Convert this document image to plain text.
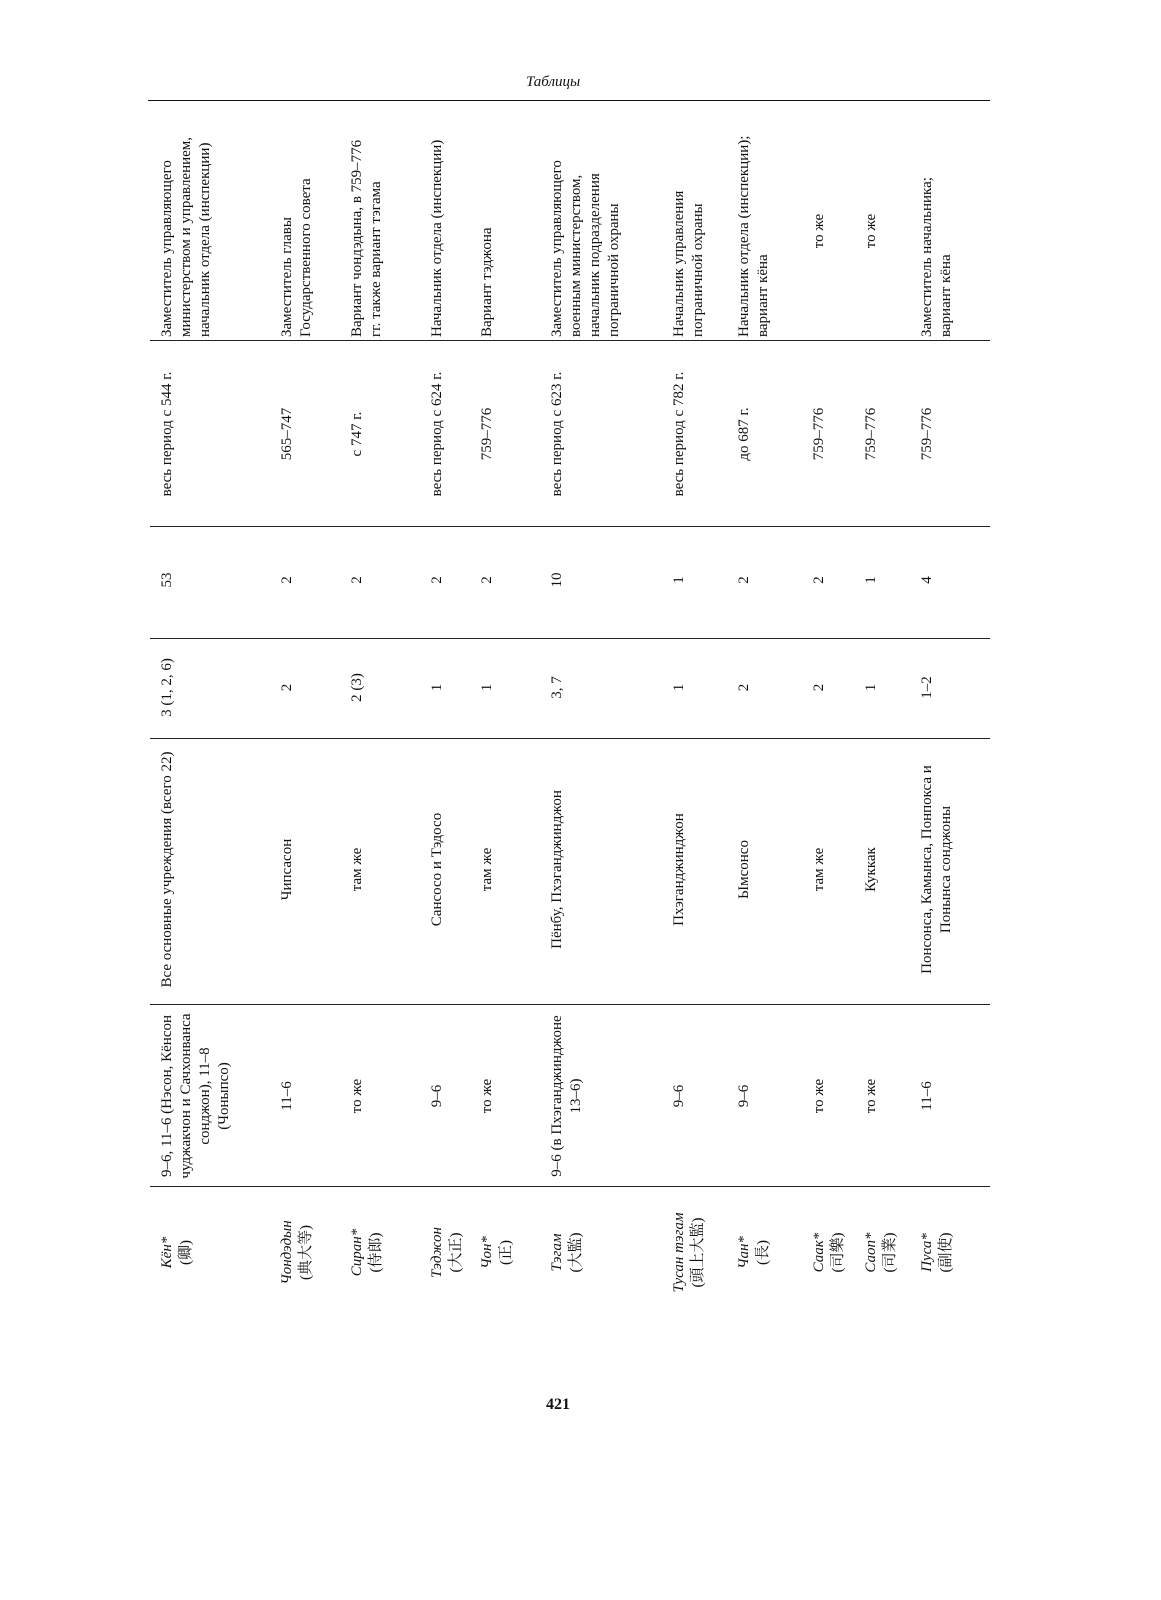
Таблицы
Кён* (卿)
9–6, 11–6 (Нэсон, Кёнсон чуджакчон и Сачхонванса сонджон), 11–8 (Чоныпсо)
Все основные учреждения (всего 22)
3 (1, 2, 6)
53
весь период с 544 г.
Заместитель управляющего министерством и управлением, начальник отдела (инспекции)
Чондэдын (典大等)
11–6
Чипсасон
2
2
565–747
Заместитель главы Государственного совета
Сиран* (侍郎)
то же
там же
2 (3)
2
с 747 г.
Вариант чондэдына, в 759–776 гг. также вариант тэгама
Тэджон (大正)
9–6
Сансосо и Тэдосо
1
2
весь период с 624 г.
Начальник отдела (инспекции)
Чон* (正)
то же
там же
1
2
759–776
Вариант тэджона
Тэгам (大監)
9–6 (в Пхэганджинджоне 13–6)
Пёнбу, Пхэганджинджон
3, 7
10
весь период с 623 г.
Заместитель управляющего военным министерством, начальник подразделения пограничной охраны
Тусан тэгам (頭上大監)
9–6
Пхэганджинджон
1
1
весь период с 782 г.
Начальник управления пограничной охраны
Чан* (長)
9–6
Ымсонсо
2
2
до 687 г.
Начальник отдела (инспекции); вариант кёна
Саак* (司樂)
то же
там же
2
2
759–776
то же
Саоп* (司業)
то же
Куккак
1
1
759–776
то же
Пуса* (副使)
11–6
Понсонса, Камынса, Понпокса и Понынса сонджоны
1–2
4
759–776
Заместитель начальника; вариант кёна
421
